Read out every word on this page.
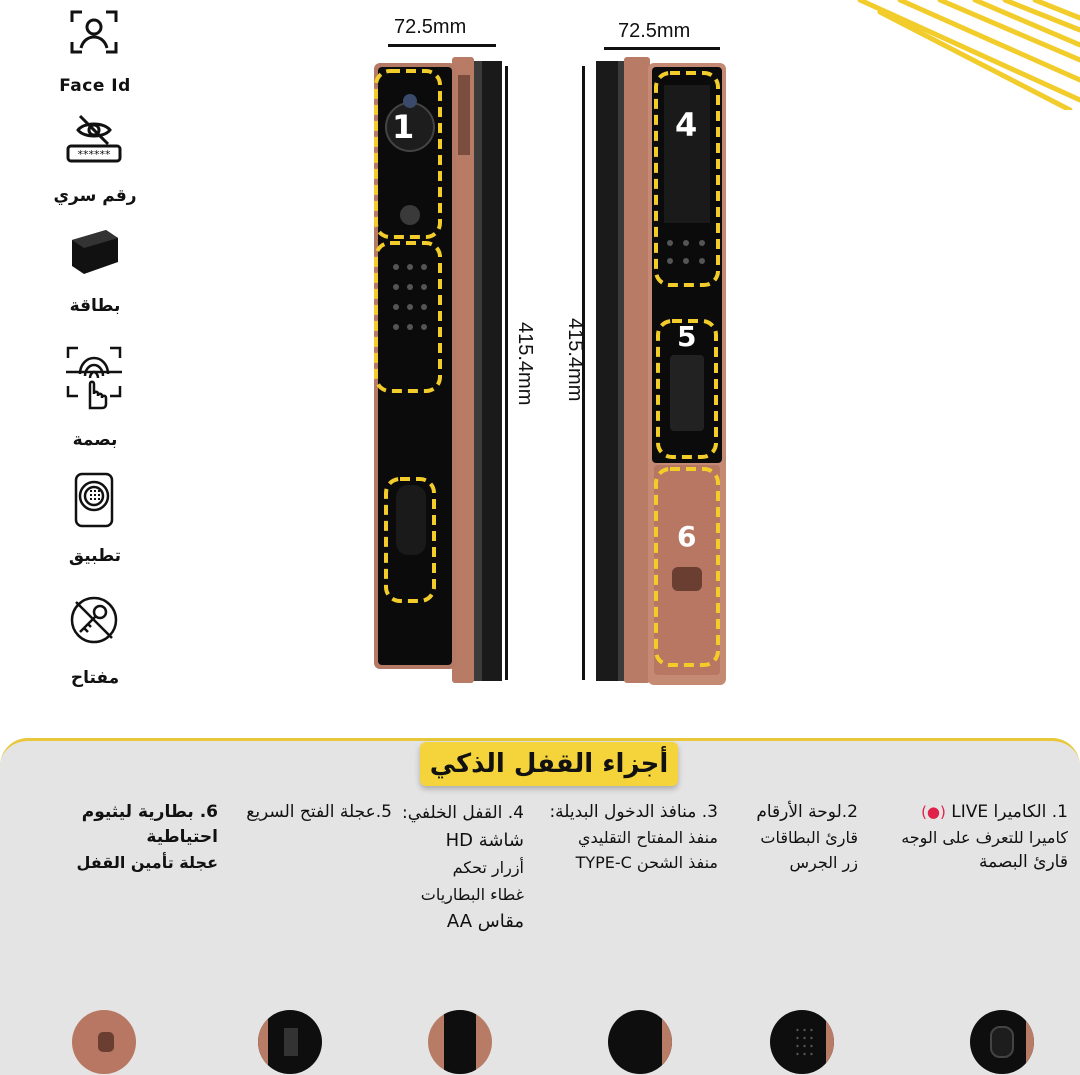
Face Id
******
رقم سري
بطاقة
بصمة
تطبيق
مفتاح
1	4
5
6
72.5mm	72.5mm
415.4mm 415.4mm
أجزاء القفل الذكي
1. الكاميرا LIVE (●)
كاميرا للتعرف على الوجه
قارئ البصمة
2.لوحة الأرقام
قارئ البطاقات
زر الجرس
3. منافذ الدخول البديلة:
منفذ المفتاح التقليدي
منفذ الشحن TYPE-C
4. القفل الخلفي:
شاشة HD
أزرار تحكم
غطاء البطاريات
مقاس AA
5.عجلة الفتح السريع
6. بطارية ليثيوم احتياطية
عجلة تأمين القفل
